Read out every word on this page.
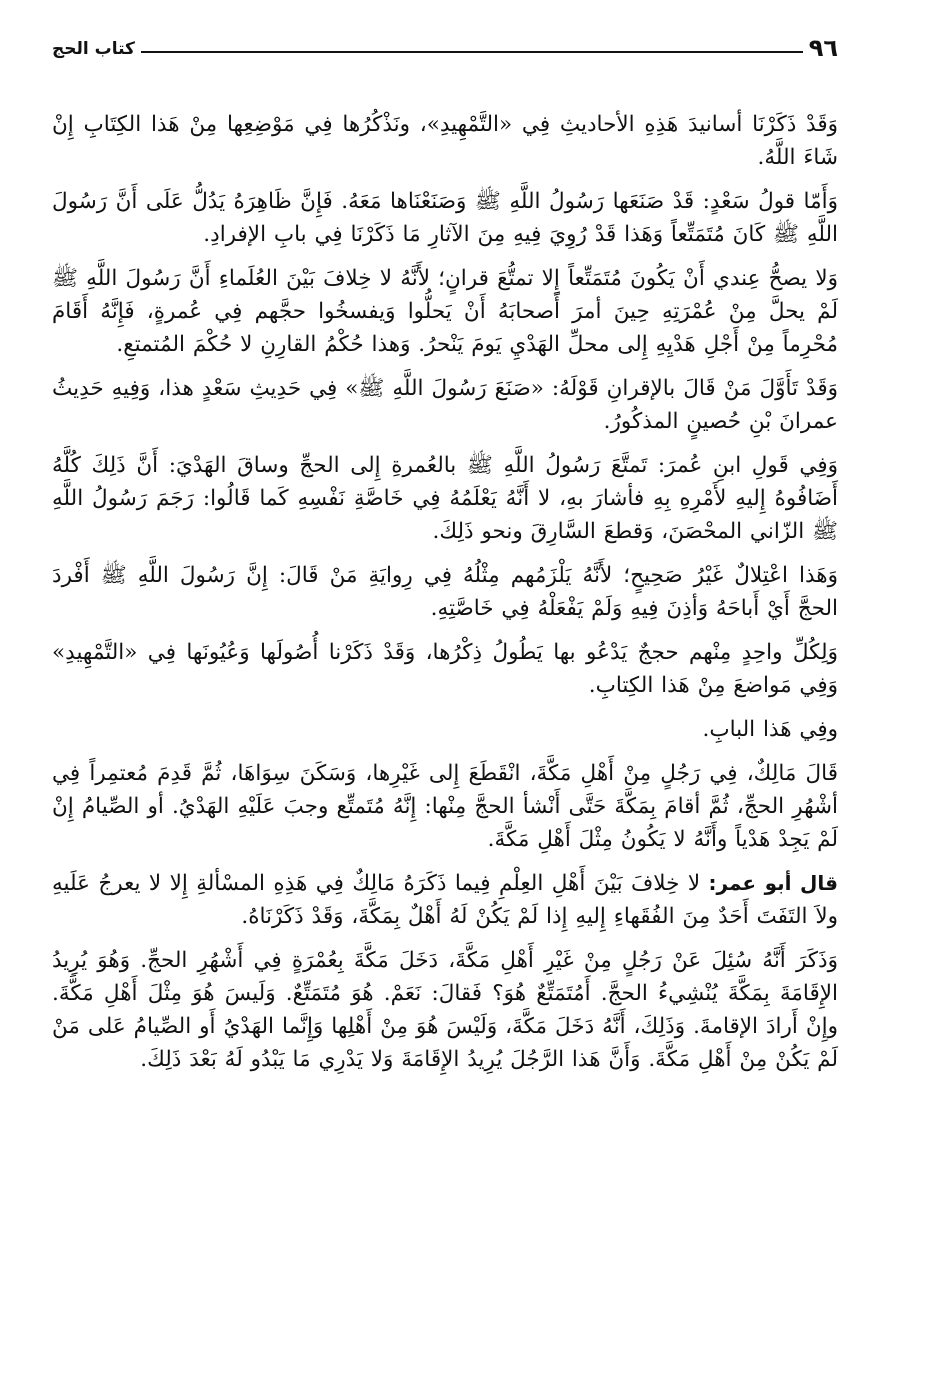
٩٦
كتاب الحج

وَقَدْ ذَكَرْنَا أسانيدَ هَذِهِ الأحاديثِ فِي «التَّمْهِيدِ»، ونَذْكُرُها فِي مَوْضِعِها مِنْ هَذا الكِتَابِ إِنْ شَاءَ اللَّهُ.

وَأَمّا قولُ سَعْدٍ: قَدْ صَنَعَها رَسُولُ اللَّهِ ﷺ وَصَنَعْنَاها مَعَهُ. فَإِنَّ ظَاهِرَهُ يَدُلُّ عَلَى أَنَّ رَسُولَ اللَّهِ ﷺ كَانَ مُتَمَتِّعاً وَهَذا قَدْ رُوِيَ فِيهِ مِنَ الآثارِ مَا ذَكَرْنَا فِي بابِ الإفرادِ.

وَلا يصحُّ عِندي أَنْ يَكُونَ مُتَمَتِّعاً إِلا تمتُّعَ قرانٍ؛ لأَنَّهُ لا خِلافَ بَيْنَ العُلَماءِ أَنَّ رَسُولَ اللَّهِ ﷺ لَمْ يحلَّ مِنْ عُمْرَتِهِ حِينَ أمرَ أَصحابَهُ أَنْ يَحلُّوا وَيفسخُوا حجَّهم فِي عُمرةٍ، فَإِنَّهُ أَقَامَ مُحْرِماً مِنْ أَجْلِ هَدْيِهِ إِلى محلِّ الهَدْيِ يَومَ يَنْحرُ. وَهذا حُكْمُ القارِنِ لا حُكْمَ المُتمتعِ.

وَقَدْ تَأَوَّلَ مَنْ قَالَ بالإقرانِ قَوْلَهُ: «صَنَعَ رَسُولَ اللَّهِ ﷺ» فِي حَدِيثِ سَعْدٍ هذا، وَفِيهِ حَدِيثُ عمرانَ بْنِ حُصينٍ المذكُورُ.

وَفِي قَولِ ابنِ عُمرَ: تَمتَّعَ رَسُولُ اللَّهِ ﷺ بالعُمرةِ إِلى الحجِّ وساقَ الهَدْيَ: أَنَّ ذَلِكَ كُلَّهُ أَضَافُوهُ إِليهِ لأَمْرِهِ بِهِ فأشارَ بهِ، لا أَنَّهُ يَعْلَمُهُ فِي خَاصَّةِ نَفْسِهِ كَما قَالُوا: رَجَمَ رَسُولُ اللَّهِ ﷺ الزّاني المحْصَنَ، وَقطعَ السَّارِقَ ونحو ذَلِكَ.

وَهَذا اعْتِلالٌ غَيْرُ صَحِيحٍ؛ لأَنَّهُ يَلْزَمُهم مِثْلُهُ فِي رِوايَةِ مَنْ قَالَ: إِنَّ رَسُولَ اللَّهِ ﷺ أَفْردَ الحجَّ أَيْ أَباحَهُ وَأذِنَ فِيهِ وَلَمْ يَفْعَلْهُ فِي خَاصَّتِهِ.

وَلِكُلِّ واحِدٍ مِنْهم حججٌ يَدْعُو بها يَطُولُ ذِكْرُها، وَقَدْ ذَكَرْنا أُصُولَها وَعُيُونَها فِي «التَّمْهِيدِ» وَفِي مَواضعَ مِنْ هَذا الكِتابِ.

وفِي هَذا البابِ.

قَالَ مَالِكٌ، فِي رَجُلٍ مِنْ أَهْلِ مَكَّةَ، انْقَطَعَ إِلى غَيْرِها، وَسَكَنَ سِوَاهَا، ثُمَّ قَدِمَ مُعتمِراً فِي أشْهُرِ الحجِّ، ثُمَّ أقامَ بِمَكَّةَ حَتَّى أَنْشأ الحجَّ مِنْها: إِنَّهُ مُتَمتِّع وجبَ عَلَيْهِ الهَدْيُ. أو الصِّيامُ إِنْ لَمْ يَجِدْ هَدْياً وأَنَّهُ لا يَكُونُ مِثْلَ أَهْلِ مَكَّةَ.

قال أبو عمر: لا خِلافَ بَيْنَ أَهْلِ العِلْمِ فِيما ذَكَرَهُ مَالِكٌ فِي هَذِهِ المسْألةِ إِلا لا يعرجُ عَلَيهِ ولاَ التَفَتَ أَحَدٌ مِنَ الفُقَهاءِ إِليهِ إِذا لَمْ يَكُنْ لَهُ أَهْلٌ بِمَكَّةَ، وَقَدْ ذَكَرْنَاهُ.

وَذَكَرَ أَنَّهُ سُئِلَ عَنْ رَجُلٍ مِنْ غَيْرِ أَهْلِ مَكَّةَ، دَخَلَ مَكَّةَ بِعُمْرَةٍ فِي أَشْهُرِ الحجِّ. وَهُوَ يُرِيدُ الإِقَامَةَ بِمَكَّةَ يُنْشِيءُ الحجَّ. أَمُتَمَتِّعٌ هُوَ؟ فَقالَ: نَعَمْ. هُوَ مُتَمَتِّعٌ. وَلَيسَ هُوَ مِثْلَ أَهْلِ مَكَّةَ. وإِنْ أَرادَ الإقامةَ. وَذَلِكَ، أَنَّهُ دَخَلَ مَكَّةَ، وَلَيْسَ هُوَ مِنْ أَهْلِها وَإِنَّما الهَدْيُ أَو الصِّيامُ عَلى مَنْ لَمْ يَكُنْ مِنْ أَهْلِ مَكَّةَ. وَأَنَّ هَذا الرَّجُلَ يُرِيدُ الإِقَامَةَ وَلا يَدْرِي مَا يَبْدُو لَهُ بَعْدَ ذَلِكَ.
